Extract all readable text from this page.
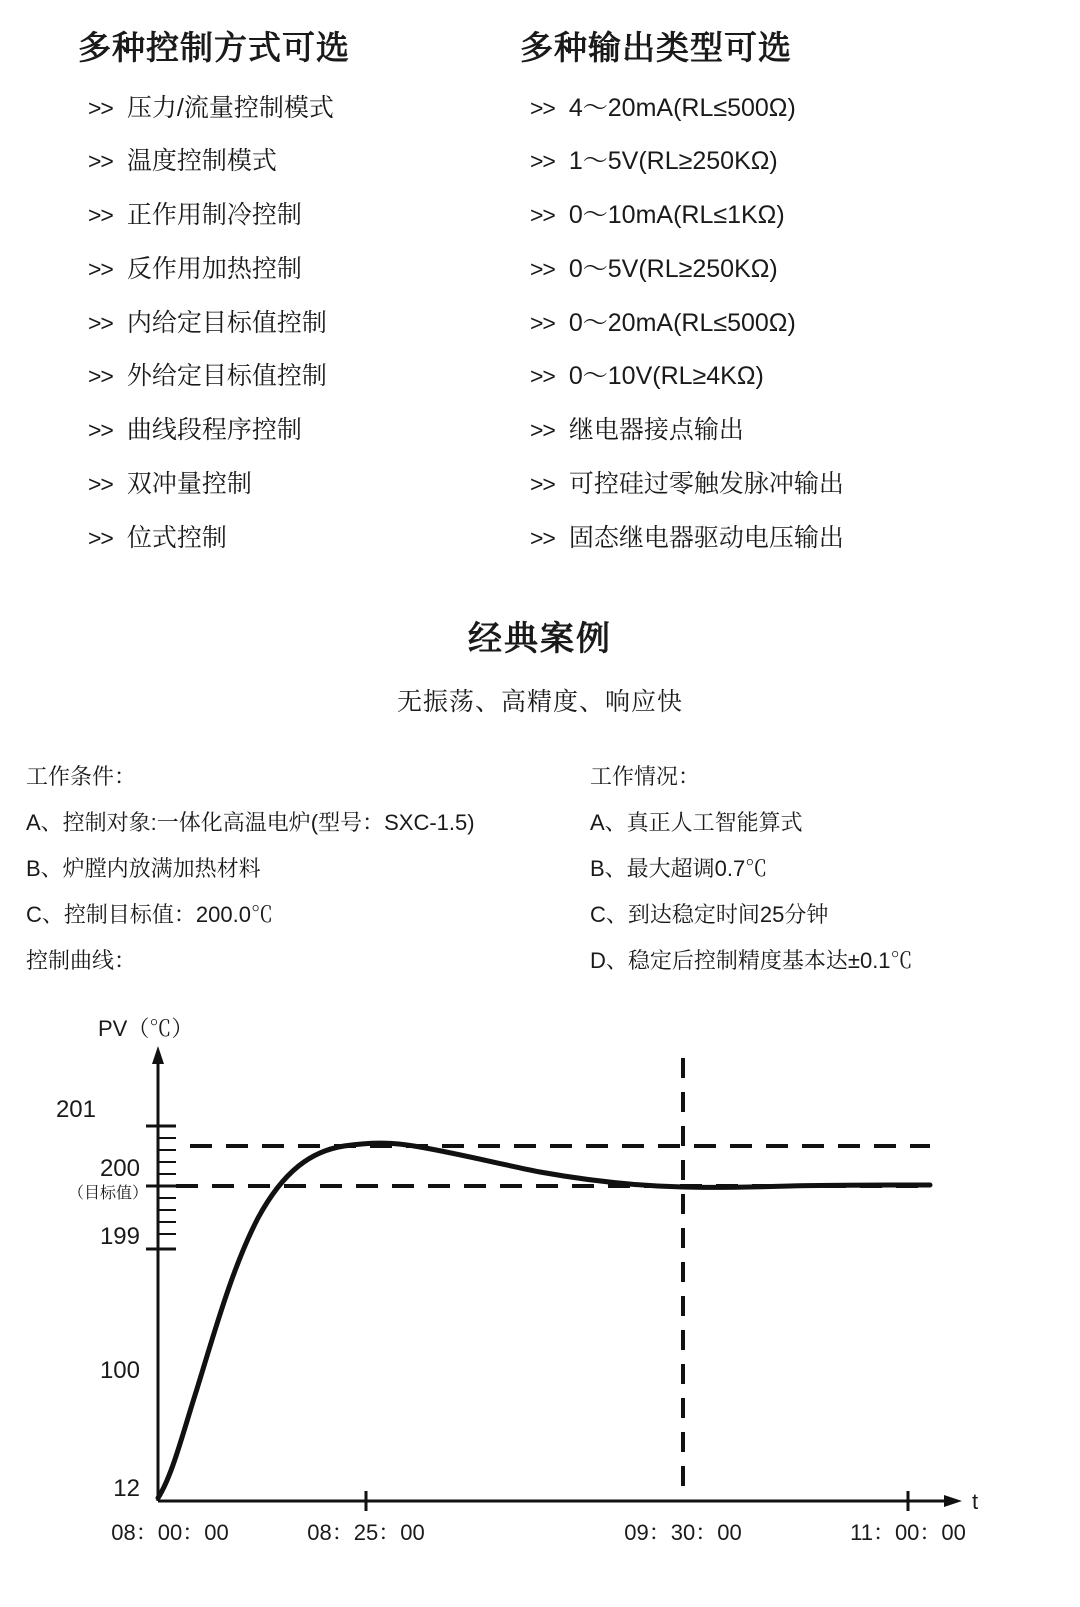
多种控制方式可选
>> 压力/流量控制模式
>> 温度控制模式
>> 正作用制冷控制
>> 反作用加热控制
>> 内给定目标值控制
>> 外给定目标值控制
>> 曲线段程序控制
>> 双冲量控制
>> 位式控制
多种输出类型可选
>> 4〜20mA(RL≤500Ω)
>> 1〜5V(RL≥250KΩ)
>> 0〜10mA(RL≤1KΩ)
>> 0〜5V(RL≥250KΩ)
>> 0〜20mA(RL≤500Ω)
>> 0〜10V(RL≥4KΩ)
>> 继电器接点输出
>> 可控硅过零触发脉冲输出
>> 固态继电器驱动电压输出
经典案例

无振荡、高精度、响应快

工作条件：
A、控制对象:一体化高温电炉(型号：SXC-1.5)
B、炉膛内放满加热材料
C、控制目标值：200.0℃
控制曲线：
工作情况：
A、真正人工智能算式
B、最大超调0.7℃
C、到达稳定时间25分钟
D、稳定后控制精度基本达±0.1℃
PV（℃）
t
201
200
（目标值）
199
100
12
08：00：00	08：25：00	09：30：00	11：00：00
